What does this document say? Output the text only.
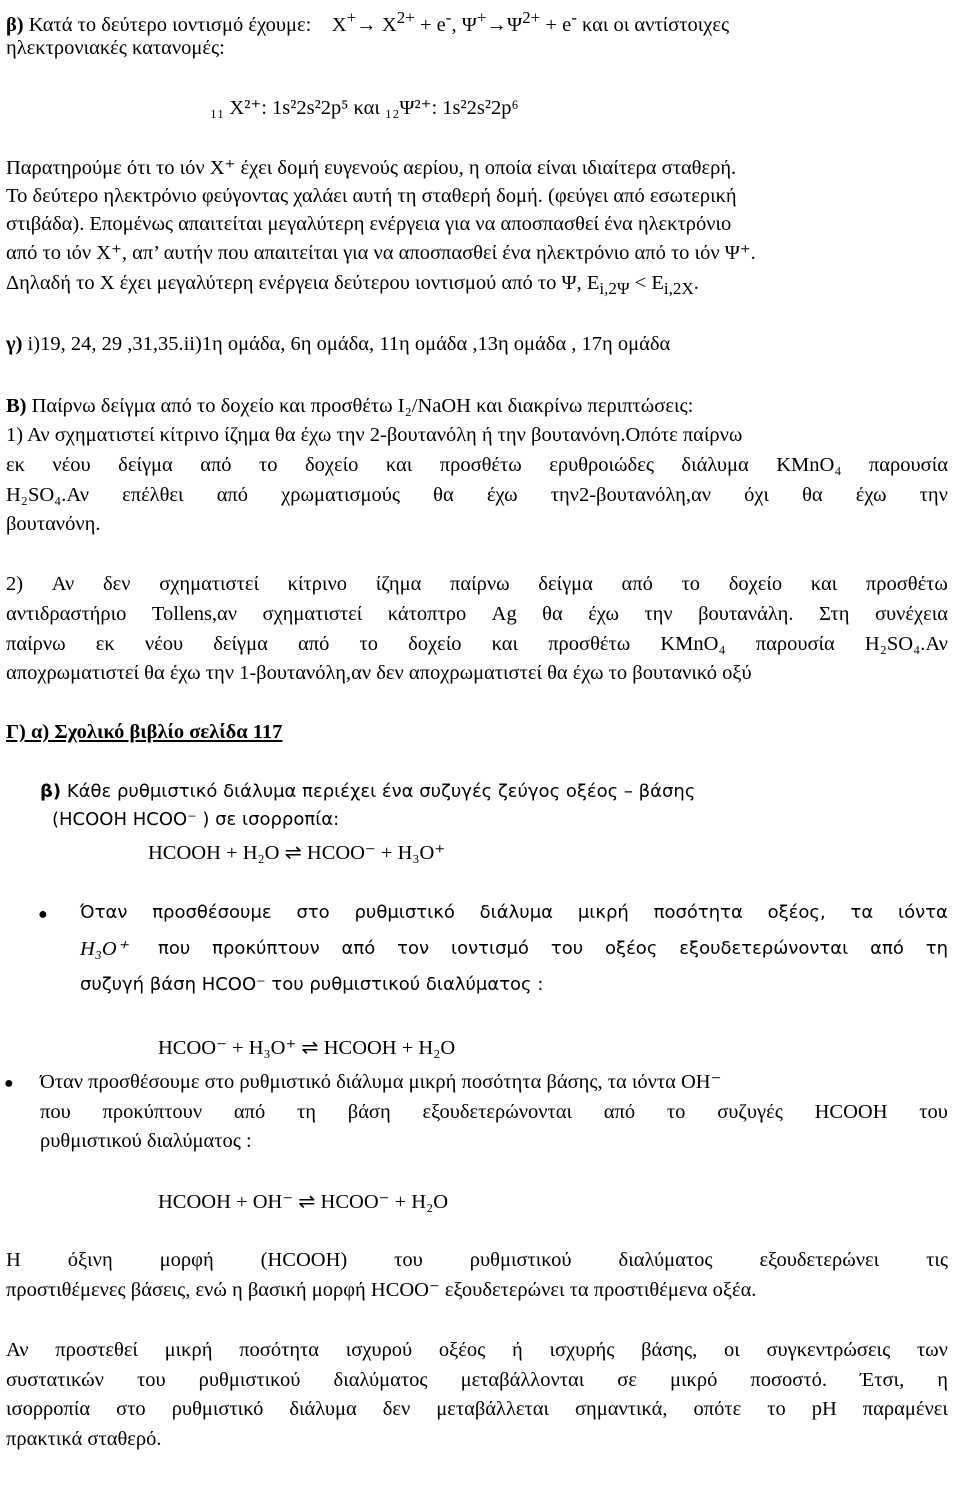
β) Κατά το δεύτερο ιοντισμό έχουμε: $X^+\to X^{2+} + e^-$, $\Psi^+\to\Psi^{2+} + e^-$ και οι αντίστοιχες
ηλεκτρονιακές κατανομές:
₁₁ X²⁺: 1s²2s²2p⁵ και ₁₂Ψ²⁺: 1s²2s²2p⁶
Παρατηρούμε ότι το ιόν Χ⁺ έχει δομή ευγενούς αερίου, η οποία είναι ιδιαίτερα σταθερή.
Το δεύτερο ηλεκτρόνιο φεύγοντας χαλάει αυτή τη σταθερή δομή. (φεύγει από εσωτερική
στιβάδα). Επομένως απαιτείται μεγαλύτερη ενέργεια για να αποσπασθεί ένα ηλεκτρόνιο
από το ιόν Χ⁺, απ’ αυτήν που απαιτείται για να αποσπασθεί ένα ηλεκτρόνιο από το ιόν Ψ⁺.
Δηλαδή το Χ έχει μεγαλύτερη ενέργεια δεύτερου ιοντισμού από το Ψ, $E_{i,2\Psi} < E_{i,2X}$.
γ) i)19, 24, 29 ,31,35.ii)1η ομάδα, 6η ομάδα, 11η ομάδα ,13η ομάδα , 17η ομάδα
Β) Παίρνω δείγμα από το δοχείο και προσθέτω I₂/NaOH και διακρίνω περιπτώσεις:
1) Αν σχηματιστεί κίτρινο ίζημα θα έχω την 2-βουτανόλη ή την βουτανόνη.Οπότε παίρνω
εκ νέου δείγμα από το δοχείο και προσθέτω ερυθροιώδες διάλυμα KMnO₄ παρουσία
H₂SO₄.Αν επέλθει από χρωματισμούς θα έχω την2-βουτανόλη,αν όχι θα έχω την
βουτανόνη.
2) Αν δεν σχηματιστεί κίτρινο ίζημα παίρνω δείγμα από το δοχείο και προσθέτω
αντιδραστήριο Tollens,αν σχηματιστεί κάτοπτρο Ag θα έχω την βουτανάλη. Στη συνέχεια
παίρνω εκ νέου δείγμα από το δοχείο και προσθέτω KMnO₄ παρουσία H₂SO₄.Αν
αποχρωματιστεί θα έχω την 1-βουτανόλη,αν δεν αποχρωματιστεί θα έχω το βουτανικό οξύ
Γ) α) Σχολικό βιβλίο σελίδα 117
β) Κάθε ρυθμιστικό διάλυμα περιέχει ένα συζυγές ζεύγος οξέος – βάσης
(HCOOH HCOO⁻ ) σε ισορροπία:
HCOOH + H₂O ⇌ HCOO⁻ + H₃O⁺
●
Όταν προσθέσουμε στο ρυθμιστικό διάλυμα μικρή ποσότητα οξέος, τα ιόντα
H₃O⁺ που προκύπτουν από τον ιοντισμό του οξέος εξουδετερώνονται από τη
συζυγή βάση HCOO⁻ του ρυθμιστικού διαλύματος :
HCOO⁻ + H₃O⁺ ⇌ HCOOH + H₂O
●
Όταν προσθέσουμε στο ρυθμιστικό διάλυμα μικρή ποσότητα βάσης, τα ιόντα OH⁻
που προκύπτουν από τη βάση εξουδετερώνονται από το συζυγές HCOOH του
ρυθμιστικού διαλύματος :
HCOOH + OH⁻ ⇌ HCOO⁻ + H₂O
Η όξινη μορφή (HCOOH) του ρυθμιστικού διαλύματος εξουδετερώνει τις
προστιθέμενες βάσεις, ενώ η βασική μορφή HCOO⁻ εξουδετερώνει τα προστιθέμενα οξέα.
Αν προστεθεί μικρή ποσότητα ισχυρού οξέος ή ισχυρής βάσης, οι συγκεντρώσεις των
συστατικών του ρυθμιστικού διαλύματος μεταβάλλονται σε μικρό ποσοστό. Έτσι, η
ισορροπία στο ρυθμιστικό διάλυμα δεν μεταβάλλεται σημαντικά, οπότε το pH παραμένει
πρακτικά σταθερό.
